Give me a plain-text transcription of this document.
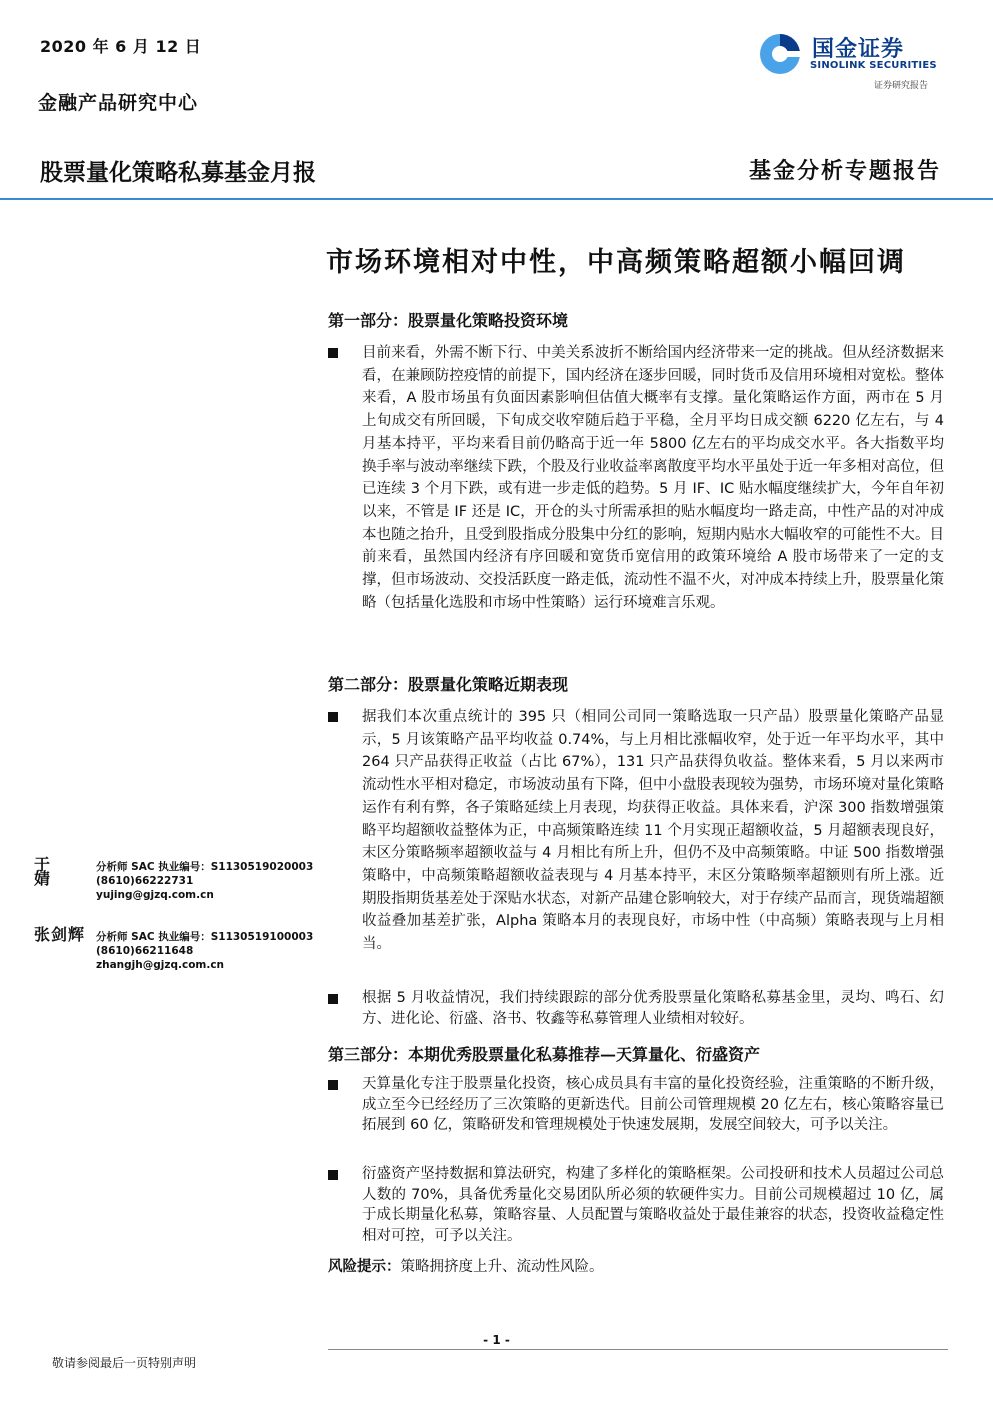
2020 年 6 月 12 日
金融产品研究中心
国金证券
SINOLINK SECURITIES
证券研究报告
股票量化策略私募基金月报	基金分析专题报告
市场环境相对中性，中高频策略超额小幅回调
第一部分：股票量化策略投资环境
目前来看，外需不断下行、中美关系波折不断给国内经济带来一定的挑战。但从经济数据来看，在兼顾防控疫情的前提下，国内经济在逐步回暖，同时货币及信用环境相对宽松。整体来看，A 股市场虽有负面因素影响但估值大概率有支撑。量化策略运作方面，两市在 5 月上旬成交有所回暖，下旬成交收窄随后趋于平稳，全月平均日成交额 6220 亿左右，与 4 月基本持平，平均来看目前仍略高于近一年 5800 亿左右的平均成交水平。各大指数平均换手率与波动率继续下跌，个股及行业收益率离散度平均水平虽处于近一年多相对高位，但已连续 3 个月下跌，或有进一步走低的趋势。5 月 IF、IC 贴水幅度继续扩大，今年自年初以来，不管是 IF 还是 IC，开仓的头寸所需承担的贴水幅度均一路走高，中性产品的对冲成本也随之抬升，且受到股指成分股集中分红的影响，短期内贴水大幅收窄的可能性不大。目前来看，虽然国内经济有序回暖和宽货币宽信用的政策环境给 A 股市场带来了一定的支撑，但市场波动、交投活跃度一路走低，流动性不温不火，对冲成本持续上升，股票量化策略（包括量化选股和市场中性策略）运行环境难言乐观。
第二部分：股票量化策略近期表现
据我们本次重点统计的 395 只（相同公司同一策略选取一只产品）股票量化策略产品显示，5 月该策略产品平均收益 0.74%，与上月相比涨幅收窄，处于近一年平均水平，其中 264 只产品获得正收益（占比 67%），131 只产品获得负收益。整体来看，5 月以来两市流动性水平相对稳定，市场波动虽有下降，但中小盘股表现较为强势，市场环境对量化策略运作有利有弊，各子策略延续上月表现，均获得正收益。具体来看，沪深 300 指数增强策略平均超额收益整体为正，中高频策略连续 11 个月实现正超额收益，5 月超额表现良好，末区分策略频率超额收益与 4 月相比有所上升，但仍不及中高频策略。中证 500 指数增强策略中，中高频策略超额收益表现与 4 月基本持平，末区分策略频率超额则有所上涨。近期股指期货基差处于深贴水状态，对新产品建仓影响较大，对于存续产品而言，现货端超额收益叠加基差扩张，Alpha 策略本月的表现良好，市场中性（中高频）策略表现与上月相当。
根据 5 月收益情况，我们持续跟踪的部分优秀股票量化策略私募基金里，灵均、鸣石、幻方、进化论、衍盛、洛书、牧鑫等私募管理人业绩相对较好。
第三部分：本期优秀股票量化私募推荐—天算量化、衍盛资产
天算量化专注于股票量化投资，核心成员具有丰富的量化投资经验，注重策略的不断升级，成立至今已经经历了三次策略的更新迭代。目前公司管理规模 20 亿左右，核心策略容量已拓展到 60 亿，策略研发和管理规模处于快速发展期，发展空间较大，可予以关注。
衍盛资产坚持数据和算法研究，构建了多样化的策略框架。公司投研和技术人员超过公司总人数的 70%，具备优秀量化交易团队所必须的软硬件实力。目前公司规模超过 10 亿，属于成长期量化私募，策略容量、人员配置与策略收益处于最佳兼容的状态，投资收益稳定性相对可控，可予以关注。
风险提示：策略拥挤度上升、流动性风险。
于　婧
分析师 SAC 执业编号：S1130519020003
(8610)66222731
yujing@gjzq.com.cn
张剑辉	分析师 SAC 执业编号：S1130519100003
(8610)66211648
zhangjh@gjzq.com.cn
- 1 -
敬请参阅最后一页特别声明
